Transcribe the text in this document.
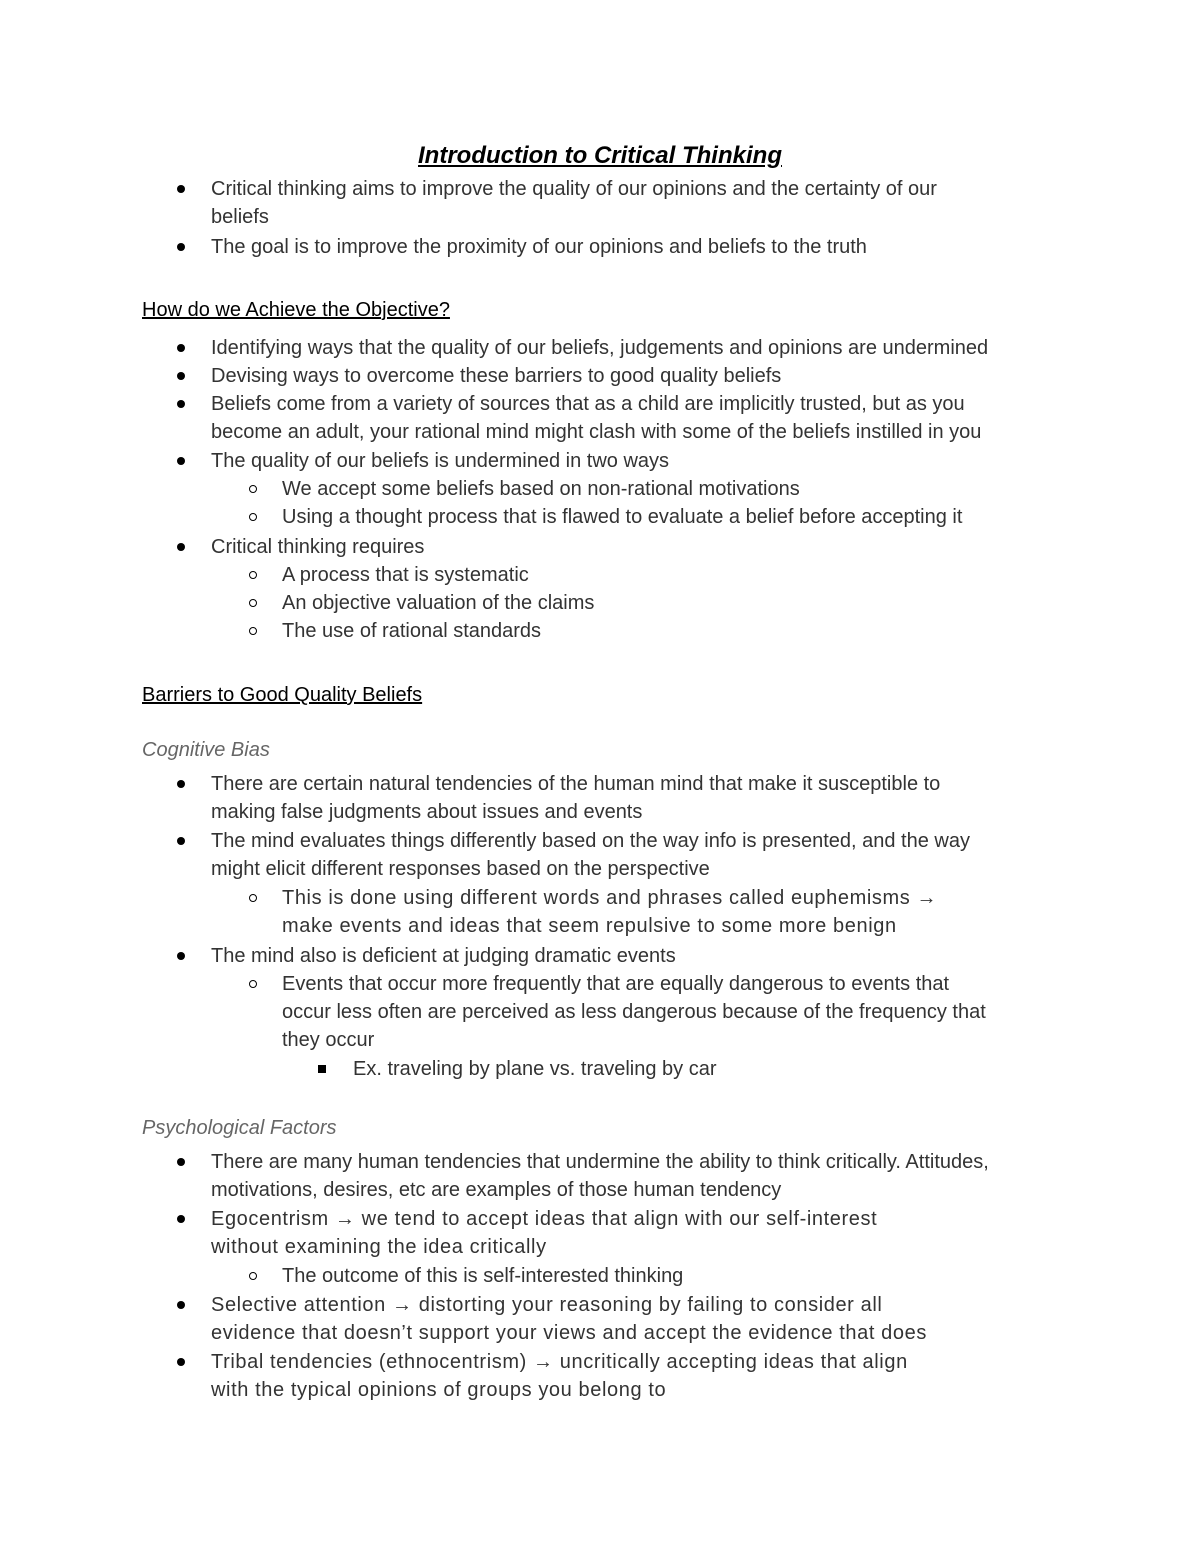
Introduction to Critical Thinking
Critical thinking aims to improve the quality of our opinions and the certainty of our
beliefs
The goal is to improve the proximity of our opinions and beliefs to the truth
How do we Achieve the Objective?
Identifying ways that the quality of our beliefs, judgements and opinions are undermined
Devising ways to overcome these barriers to good quality beliefs
Beliefs come from a variety of sources that as a child are implicitly trusted, but as you
become an adult, your rational mind might clash with some of the beliefs instilled in you
The quality of our beliefs is undermined in two ways
We accept some beliefs based on non-rational motivations
Using a thought process that is flawed to evaluate a belief before accepting it
Critical thinking requires
A process that is systematic
An objective valuation of the claims
The use of rational standards
Barriers to Good Quality Beliefs
Cognitive Bias
There are certain natural tendencies of the human mind that make it susceptible to
making false judgments about issues and events
The mind evaluates things differently based on the way info is presented, and the way
might elicit different responses based on the perspective
This is done using different words and phrases called euphemisms →
make events and ideas that seem repulsive to some more benign
The mind also is deficient at judging dramatic events
Events that occur more frequently that are equally dangerous to events that
occur less often are perceived as less dangerous because of the frequency that
they occur
Ex. traveling by plane vs. traveling by car
Psychological Factors
There are many human tendencies that undermine the ability to think critically. Attitudes,
motivations, desires, etc are examples of those human tendency
Egocentrism → we tend to accept ideas that align with our self-interest
without examining the idea critically
The outcome of this is self-interested thinking
Selective attention → distorting your reasoning by failing to consider all
evidence that doesn’t support your views and accept the evidence that does
Tribal tendencies (ethnocentrism) → uncritically accepting ideas that align
with the typical opinions of groups you belong to
